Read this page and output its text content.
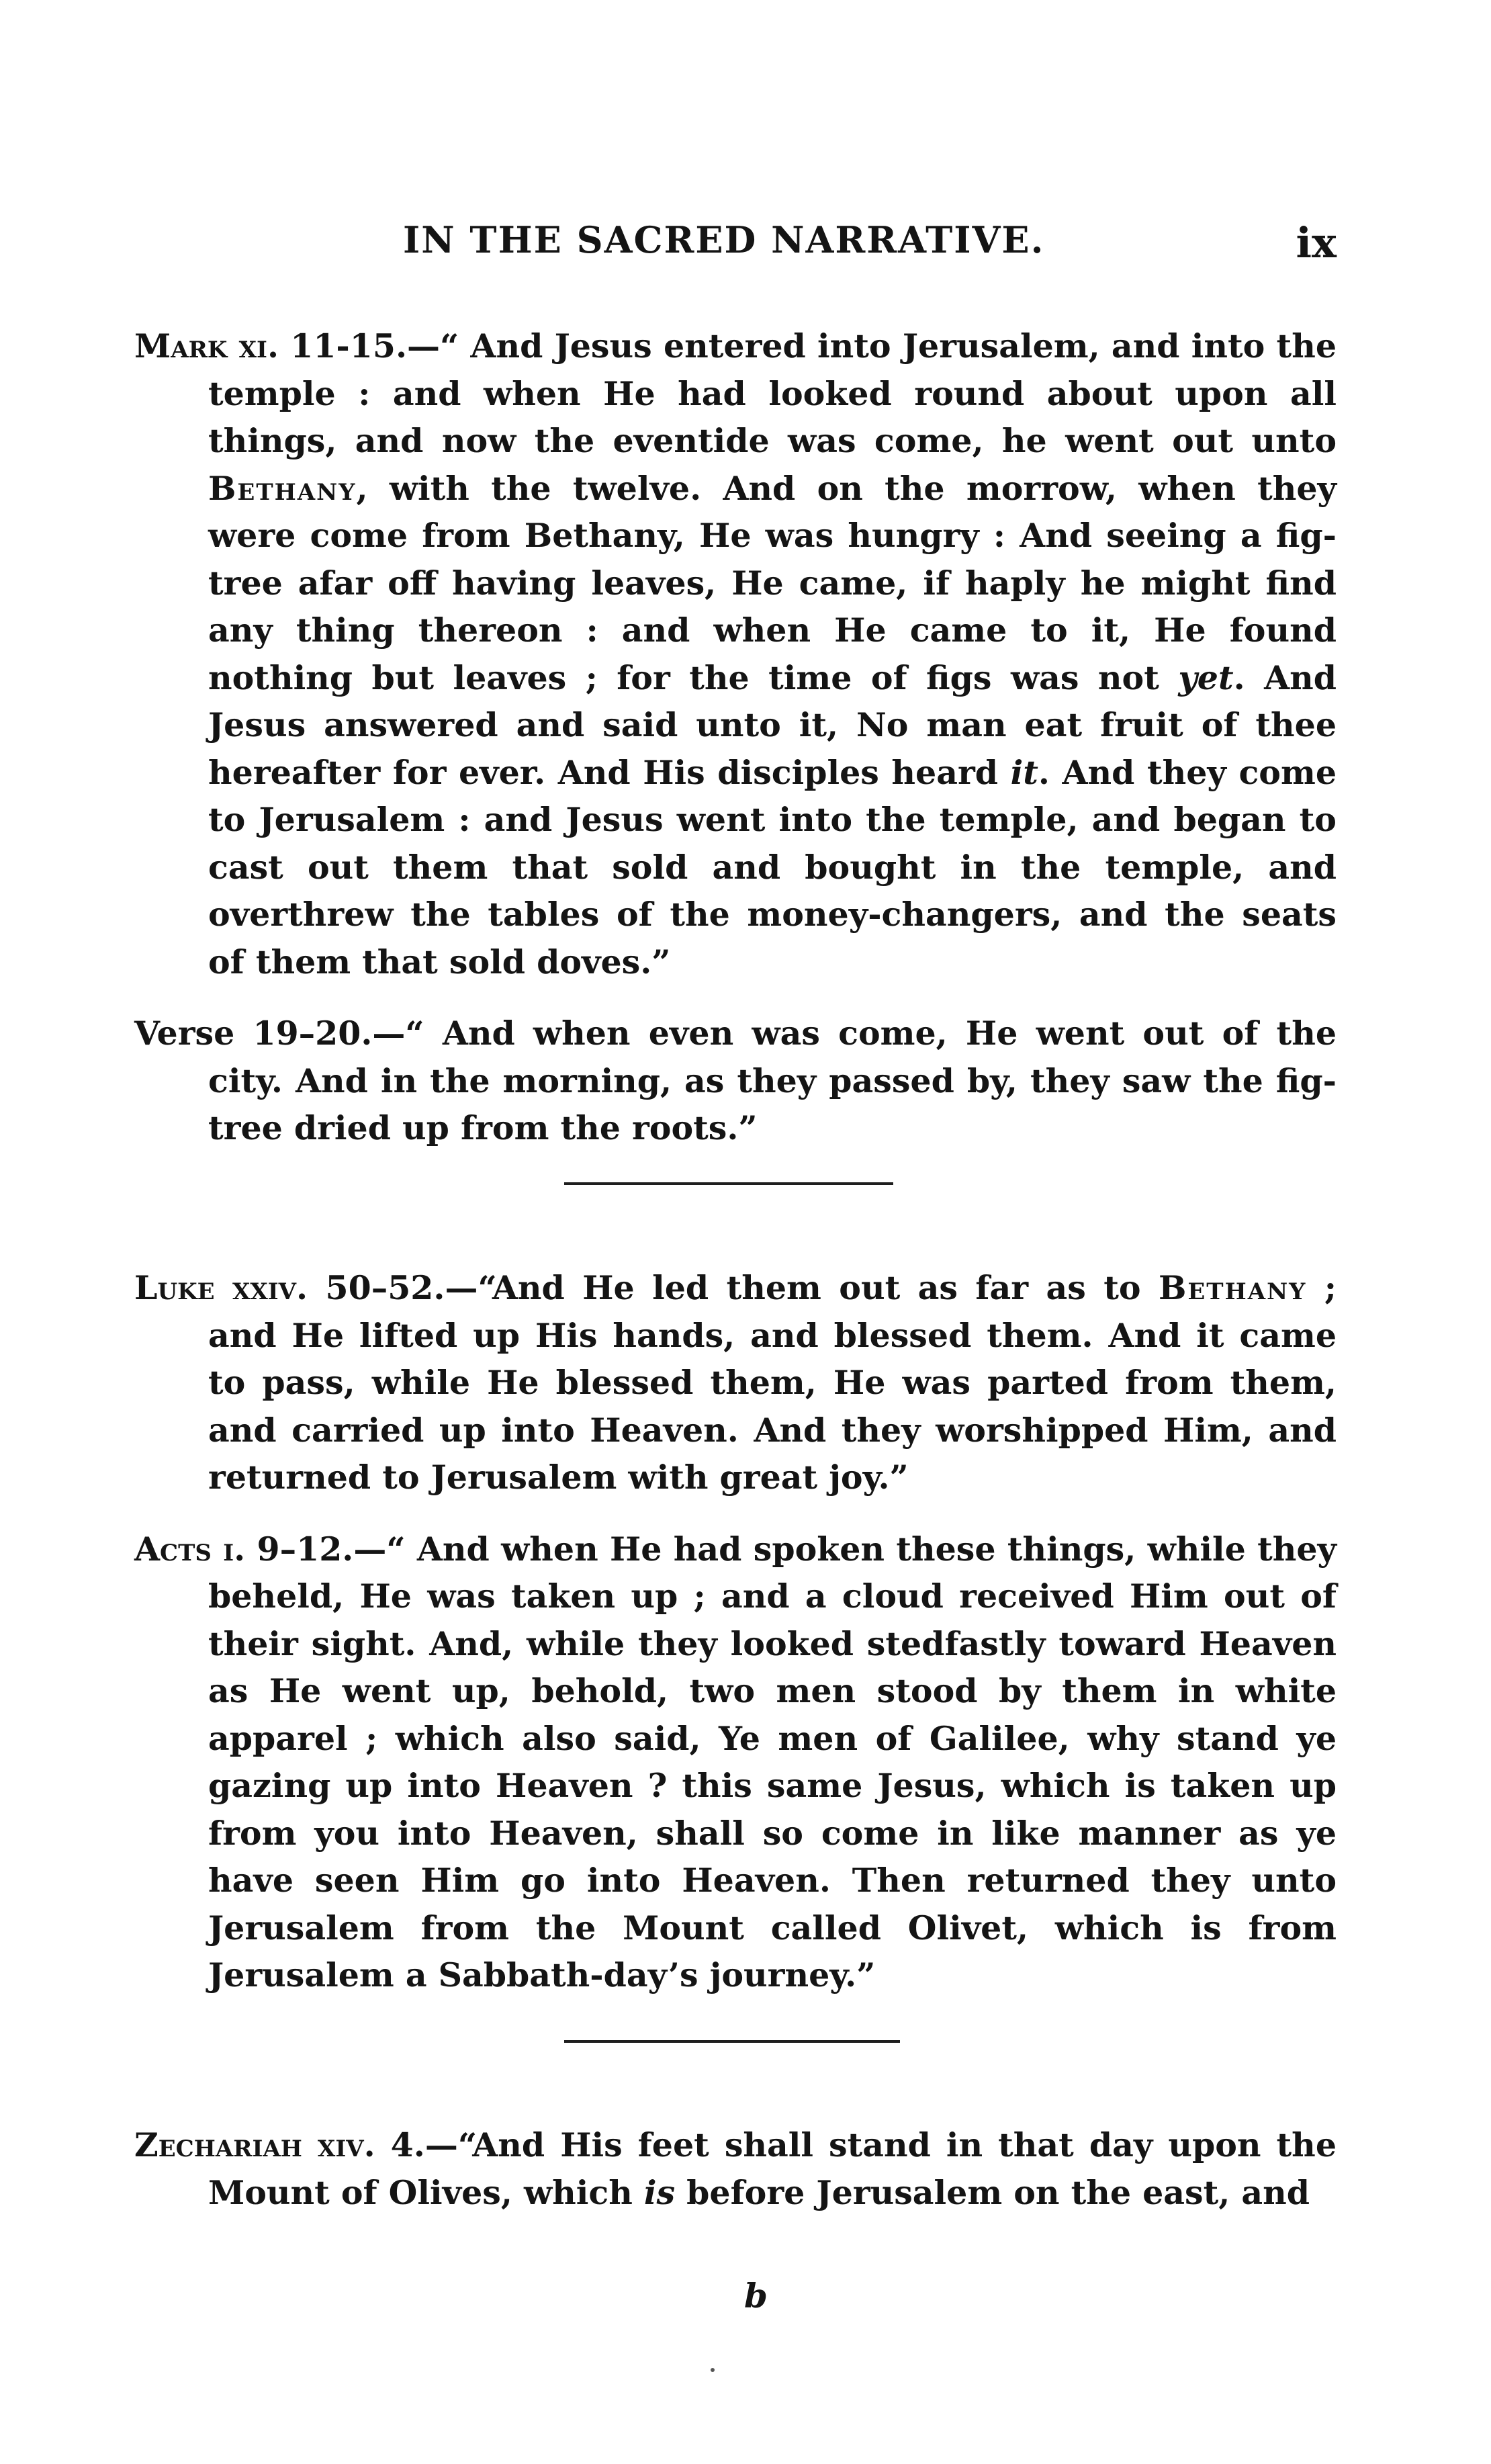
IN THE SACRED NARRATIVE.	ix

Mark xi. 11-15.—“ And Jesus entered into Jerusalem, and into the temple : and when He had looked round about upon all things, and now the eventide was come, he went out unto Bethany, with the twelve. And on the morrow, when they were come from Bethany, He was hungry : And seeing a fig-tree afar off having leaves, He came, if haply he might find any thing thereon : and when He came to it, He found nothing but leaves ; for the time of figs was not yet. And Jesus answered and said unto it, No man eat fruit of thee hereafter for ever. And His disciples heard it. And they come to Jerusalem : and Jesus went into the temple, and began to cast out them that sold and bought in the temple, and overthrew the tables of the money-changers, and the seats of them that sold doves.”

Verse 19–20.—“ And when even was come, He went out of the city. And in the morning, as they passed by, they saw the fig-tree dried up from the roots.”

Luke xxiv. 50–52.—“And He led them out as far as to Bethany ; and He lifted up His hands, and blessed them. And it came to pass, while He blessed them, He was parted from them, and carried up into Heaven. And they worshipped Him, and returned to Jerusalem with great joy.”

Acts i. 9–12.—“ And when He had spoken these things, while they beheld, He was taken up ; and a cloud received Him out of their sight. And, while they looked stedfastly toward Heaven as He went up, behold, two men stood by them in white apparel ; which also said, Ye men of Galilee, why stand ye gazing up into Heaven ? this same Jesus, which is taken up from you into Heaven, shall so come in like manner as ye have seen Him go into Heaven. Then returned they unto Jerusalem from the Mount called Olivet, which is from Jerusalem a Sabbath-day’s journey.”

Zechariah xiv. 4.—“And His feet shall stand in that day upon the Mount of Olives, which is before Jerusalem on the east, and

b
